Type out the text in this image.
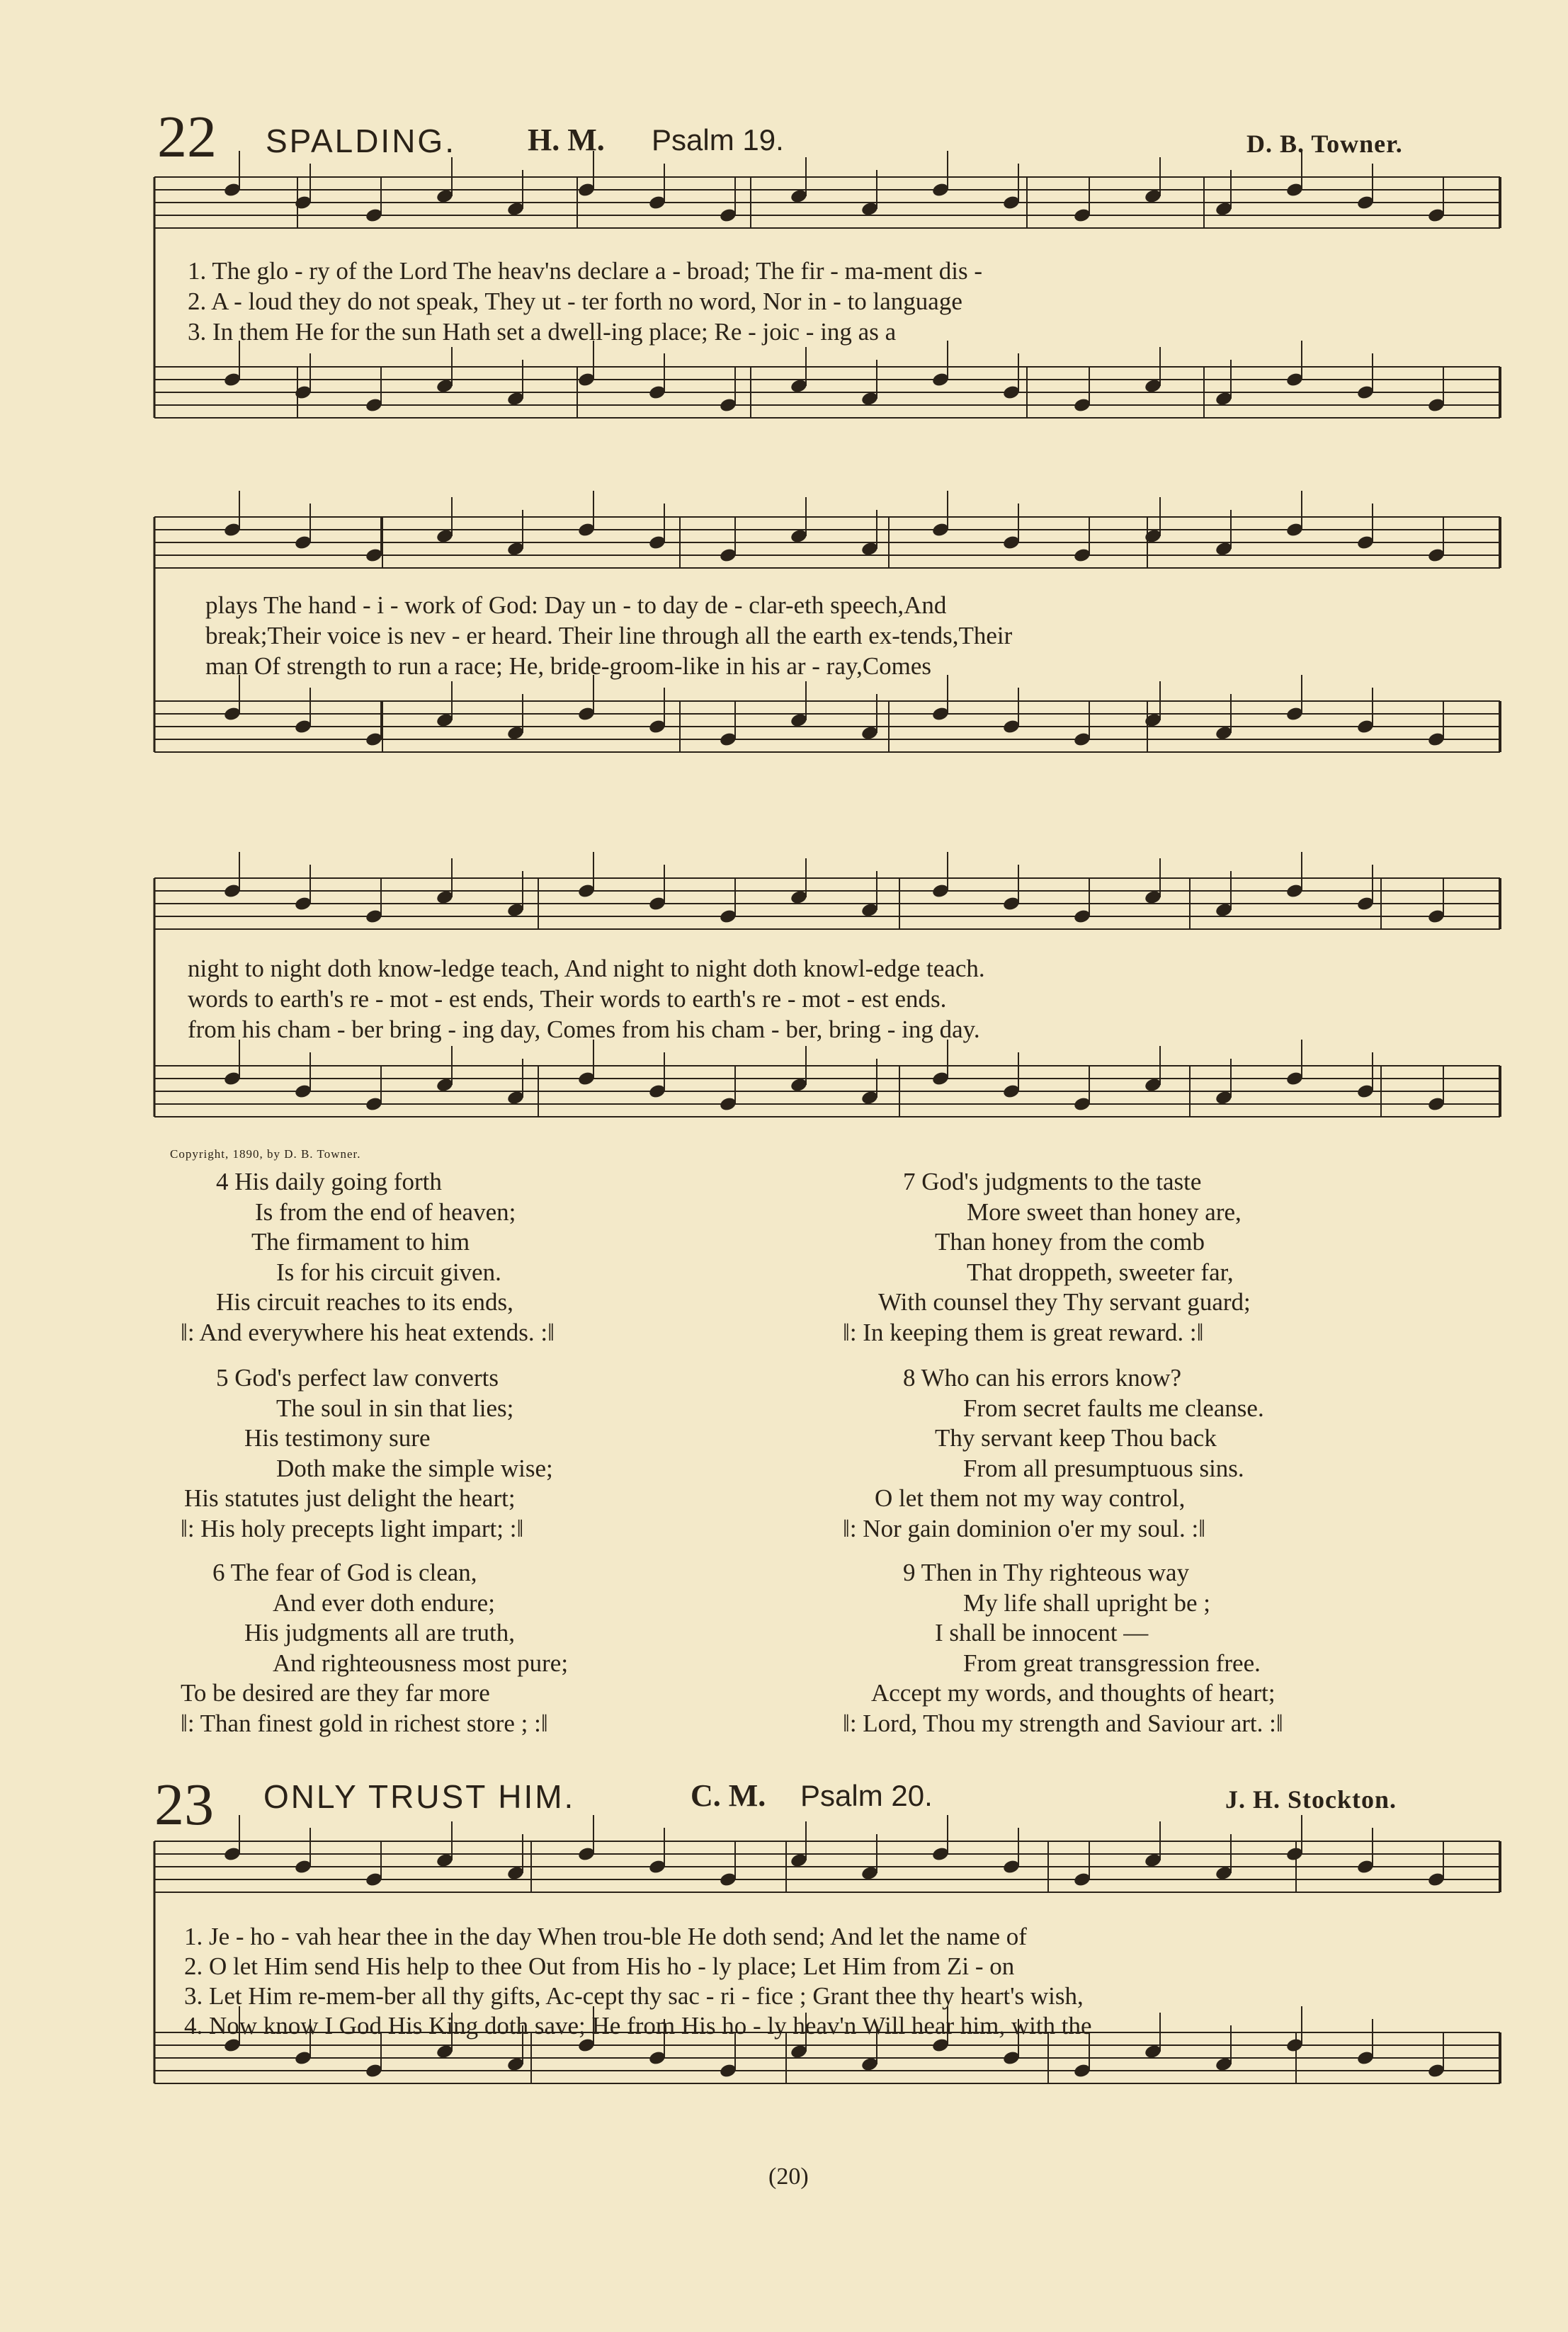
22 SPALDING. H. M. Psalm 19.	D. B. Towner.
1. The glo - ry of the Lord The heav'ns declare a - broad; The fir - ma-ment dis -
2. A - loud they do not speak, They ut - ter forth no word, Nor in - to language
3. In them He for the sun Hath set a dwell-ing place; Re - joic - ing as a
plays The hand - i - work of God: Day un - to day de - clar-eth speech,And
break;Their voice is nev - er heard. Their line through all the earth ex-tends,Their
man Of strength to run a race; He, bride-groom-like in his ar - ray,Comes
night to night doth know-ledge teach, And night to night doth knowl-edge teach.
words to earth's re - mot - est ends, Their words to earth's re - mot - est ends.
from his cham - ber bring - ing day, Comes from his cham - ber, bring - ing day.
Copyright, 1890, by D. B. Towner.
4 His daily going forth
Is from the end of heaven;
The firmament to him
Is for his circuit given.
His circuit reaches to its ends,
‖: And everywhere his heat extends. :‖
5 God's perfect law converts
The soul in sin that lies;
His testimony sure
Doth make the simple wise;
His statutes just delight the heart;
‖: His holy precepts light impart; :‖
6 The fear of God is clean,
And ever doth endure;
His judgments all are truth,
And righteousness most pure;
To be desired are they far more
‖: Than finest gold in richest store ; :‖
7 God's judgments to the taste
More sweet than honey are,
Than honey from the comb
That droppeth, sweeter far,
With counsel they Thy servant guard;
‖: In keeping them is great reward. :‖
8 Who can his errors know?
From secret faults me cleanse.
Thy servant keep Thou back
From all presumptuous sins.
O let them not my way control,
‖: Nor gain dominion o'er my soul. :‖
9 Then in Thy righteous way
My life shall upright be ;
I shall be innocent —
From great transgression free.
Accept my words, and thoughts of heart;
‖: Lord, Thou my strength and Saviour art. :‖
23 ONLY TRUST HIM.	C. M. Psalm 20.	J. H. Stockton.
1. Je - ho - vah hear thee in the day When trou-ble He doth send; And let the name of
2. O let Him send His help to thee Out from His ho - ly place; Let Him from Zi - on
3. Let Him re-mem-ber all thy gifts, Ac-cept thy sac - ri - fice ; Grant thee thy heart's wish,
4. Now know I God His King doth save; He from His ho - ly heav'n Will hear him, with the
(20)
